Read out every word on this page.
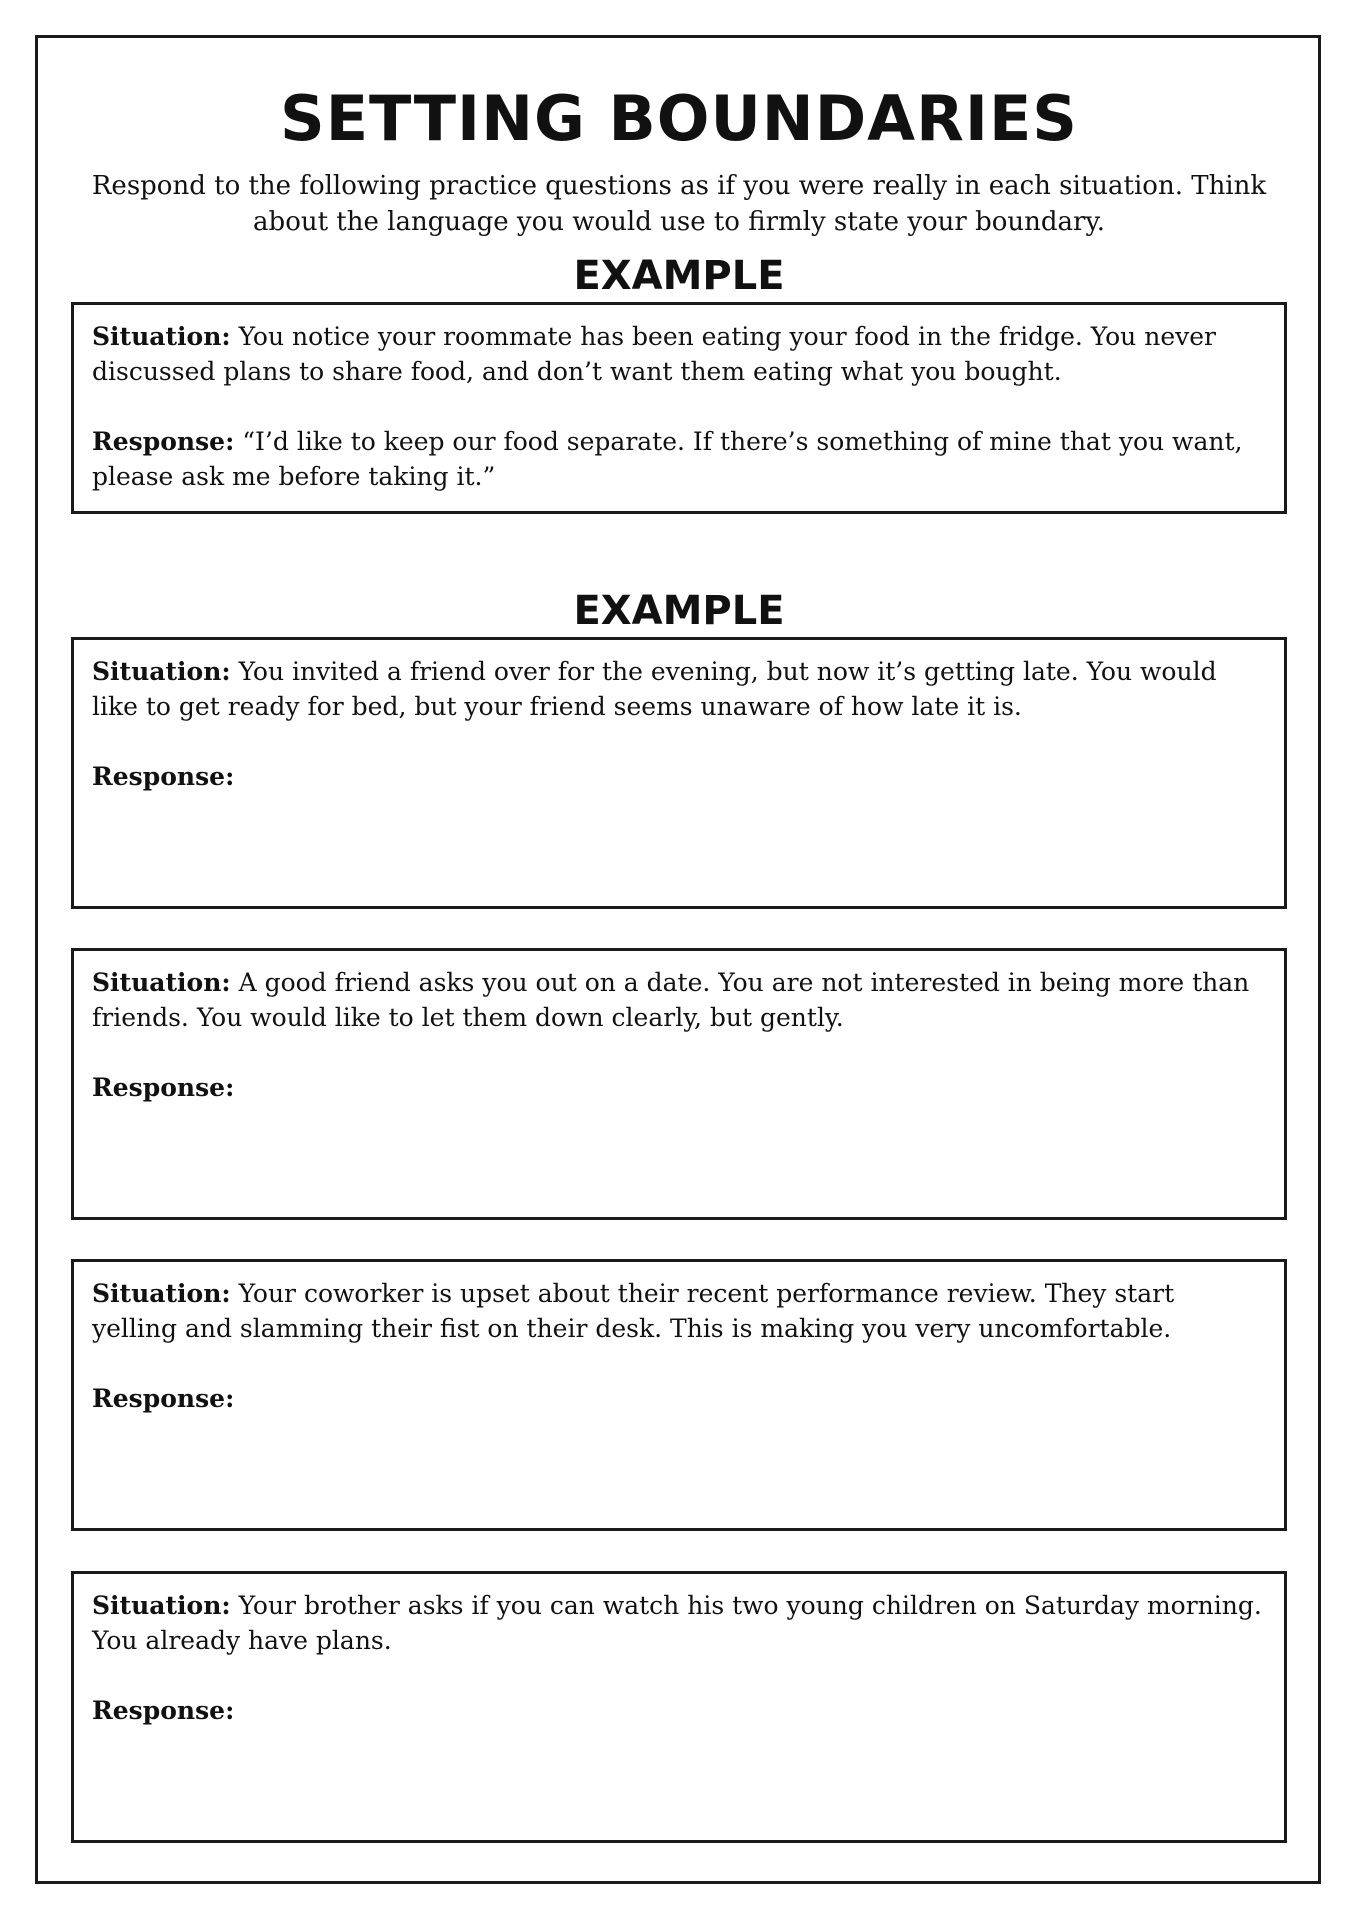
SETTING BOUNDARIES

Respond to the following practice questions as if you were really in each situation. Think about the language you would use to firmly state your boundary.

EXAMPLE

Situation: You notice your roommate has been eating your food in the fridge. You never discussed plans to share food, and don’t want them eating what you bought.

Response: “I’d like to keep our food separate. If there’s something of mine that you want, please ask me before taking it.”

EXAMPLE

Situation: You invited a friend over for the evening, but now it’s getting late. You would like to get ready for bed, but your friend seems unaware of how late it is.

Response:

Situation: A good friend asks you out on a date. You are not interested in being more than friends. You would like to let them down clearly, but gently.

Response:

Situation: Your coworker is upset about their recent performance review. They start yelling and slamming their fist on their desk. This is making you very uncomfortable.

Response:

Situation: Your brother asks if you can watch his two young children on Saturday morning. You already have plans.

Response:
